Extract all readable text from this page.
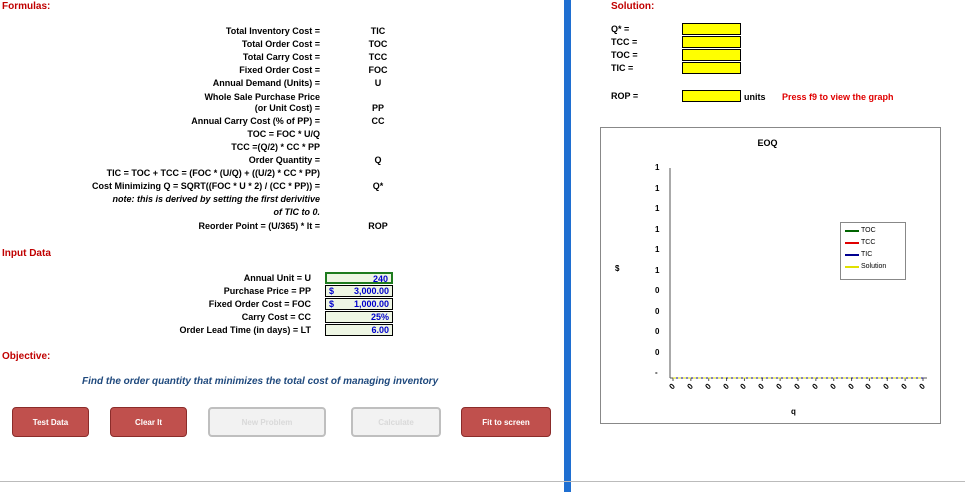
Formulas:
Total Inventory Cost =	TIC
Total Order Cost =	TOC
Total Carry Cost =	TCC
Fixed Order Cost =	FOC
Annual Demand (Units) =	U
Whole Sale Purchase Price
(or Unit Cost) =	PP
Annual Carry Cost (% of PP) =	CC
TOC = FOC * U/Q
TCC =(Q/2) * CC * PP
Order Quantity =	Q
TIC = TOC + TCC = (FOC * (U/Q) + ((U/2) * CC * PP)
Cost Minimizing Q = SQRT((FOC * U * 2) / (CC * PP)) =	Q*
note: this is derived by setting the first derivitive
of TIC to 0.
Reorder Point = (U/365) * lt =	ROP
Input Data
Annual Unit = U	240
Purchase Price = PP $ 3,000.00
Fixed Order Cost = FOC $ 1,000.00
Carry Cost = CC	25%
Order Lead Time (in days) = LT	6.00
Objective:
Find the order quantity that minimizes the total cost of managing inventory
Test Data	Clear It	New Problem	Calculate	Fit to screen
Solution:
Q* =
TCC =
TOC =
TIC =
ROP =	units Press f9 to view the graph
EOQ
$
q
TOC
TCC
TIC
Solution
1
1
1
1
1
1
0
0
0
0
-
0 0 0 0 0 0 0 0 0 0 0 0 0 0 0
